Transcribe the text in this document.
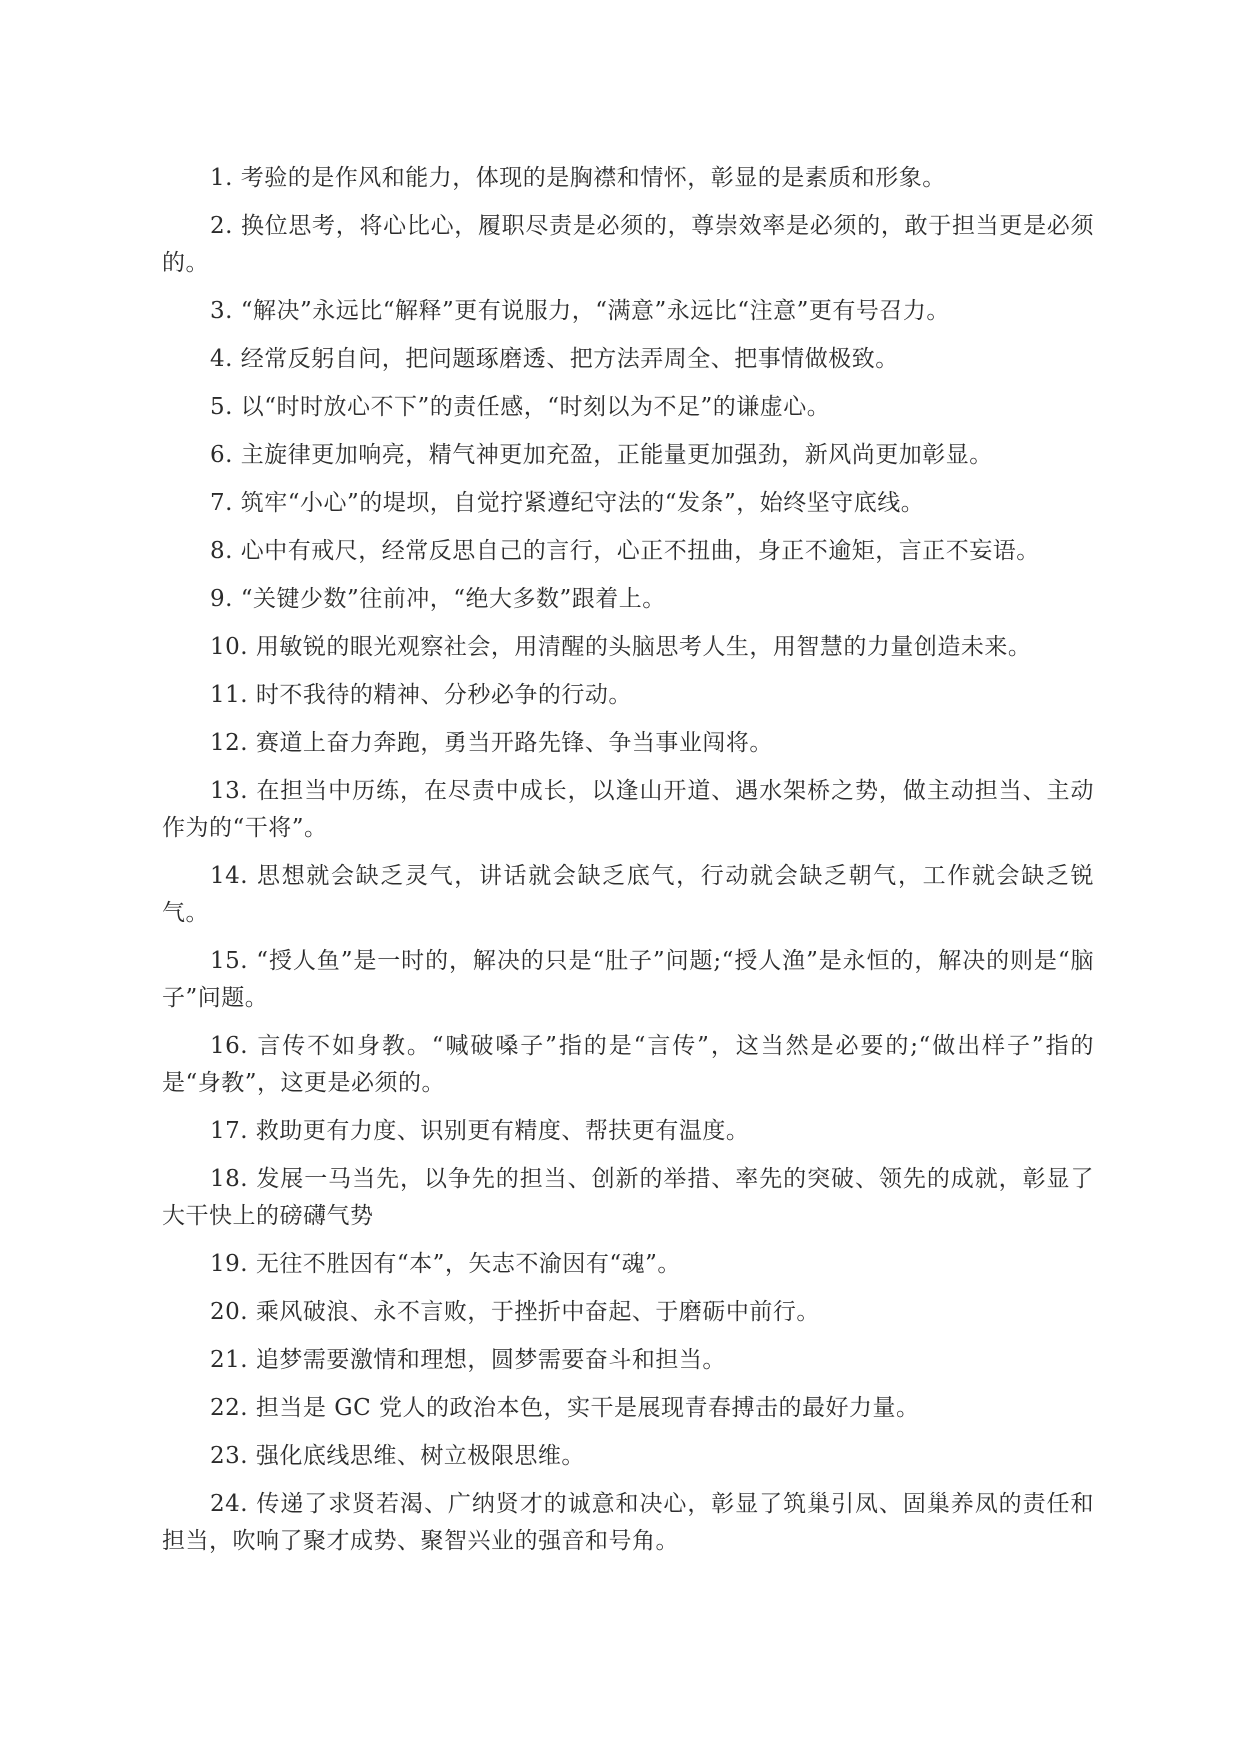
1. 考验的是作风和能力，体现的是胸襟和情怀，彰显的是素质和形象。

2. 换位思考，将心比心，履职尽责是必须的，尊崇效率是必须的，敢于担当更是必须的。

3. “解决”永远比“解释”更有说服力，“满意”永远比“注意”更有号召力。

4. 经常反躬自问，把问题琢磨透、把方法弄周全、把事情做极致。

5. 以“时时放心不下”的责任感，“时刻以为不足”的谦虚心。

6. 主旋律更加响亮，精气神更加充盈，正能量更加强劲，新风尚更加彰显。

7. 筑牢“小心”的堤坝，自觉拧紧遵纪守法的“发条”，始终坚守底线。

8. 心中有戒尺，经常反思自己的言行，心正不扭曲，身正不逾矩，言正不妄语。

9. “关键少数”往前冲，“绝大多数”跟着上。

10. 用敏锐的眼光观察社会，用清醒的头脑思考人生，用智慧的力量创造未来。

11. 时不我待的精神、分秒必争的行动。

12. 赛道上奋力奔跑，勇当开路先锋、争当事业闯将。

13. 在担当中历练，在尽责中成长，以逢山开道、遇水架桥之势，做主动担当、主动作为的“干将”。

14. 思想就会缺乏灵气，讲话就会缺乏底气，行动就会缺乏朝气，工作就会缺乏锐气。

15. “授人鱼”是一时的，解决的只是“肚子”问题;“授人渔”是永恒的，解决的则是“脑子”问题。

16. 言传不如身教。“喊破嗓子”指的是“言传”，这当然是必要的;“做出样子”指的是“身教”，这更是必须的。

17. 救助更有力度、识别更有精度、帮扶更有温度。

18. 发展一马当先，以争先的担当、创新的举措、率先的突破、领先的成就，彰显了大干快上的磅礴气势

19. 无往不胜因有“本”，矢志不渝因有“魂”。

20. 乘风破浪、永不言败，于挫折中奋起、于磨砺中前行。

21. 追梦需要激情和理想，圆梦需要奋斗和担当。

22. 担当是 GC 党人的政治本色，实干是展现青春搏击的最好力量。

23. 强化底线思维、树立极限思维。

24. 传递了求贤若渴、广纳贤才的诚意和决心，彰显了筑巢引凤、固巢养凤的责任和担当，吹响了聚才成势、聚智兴业的强音和号角。
